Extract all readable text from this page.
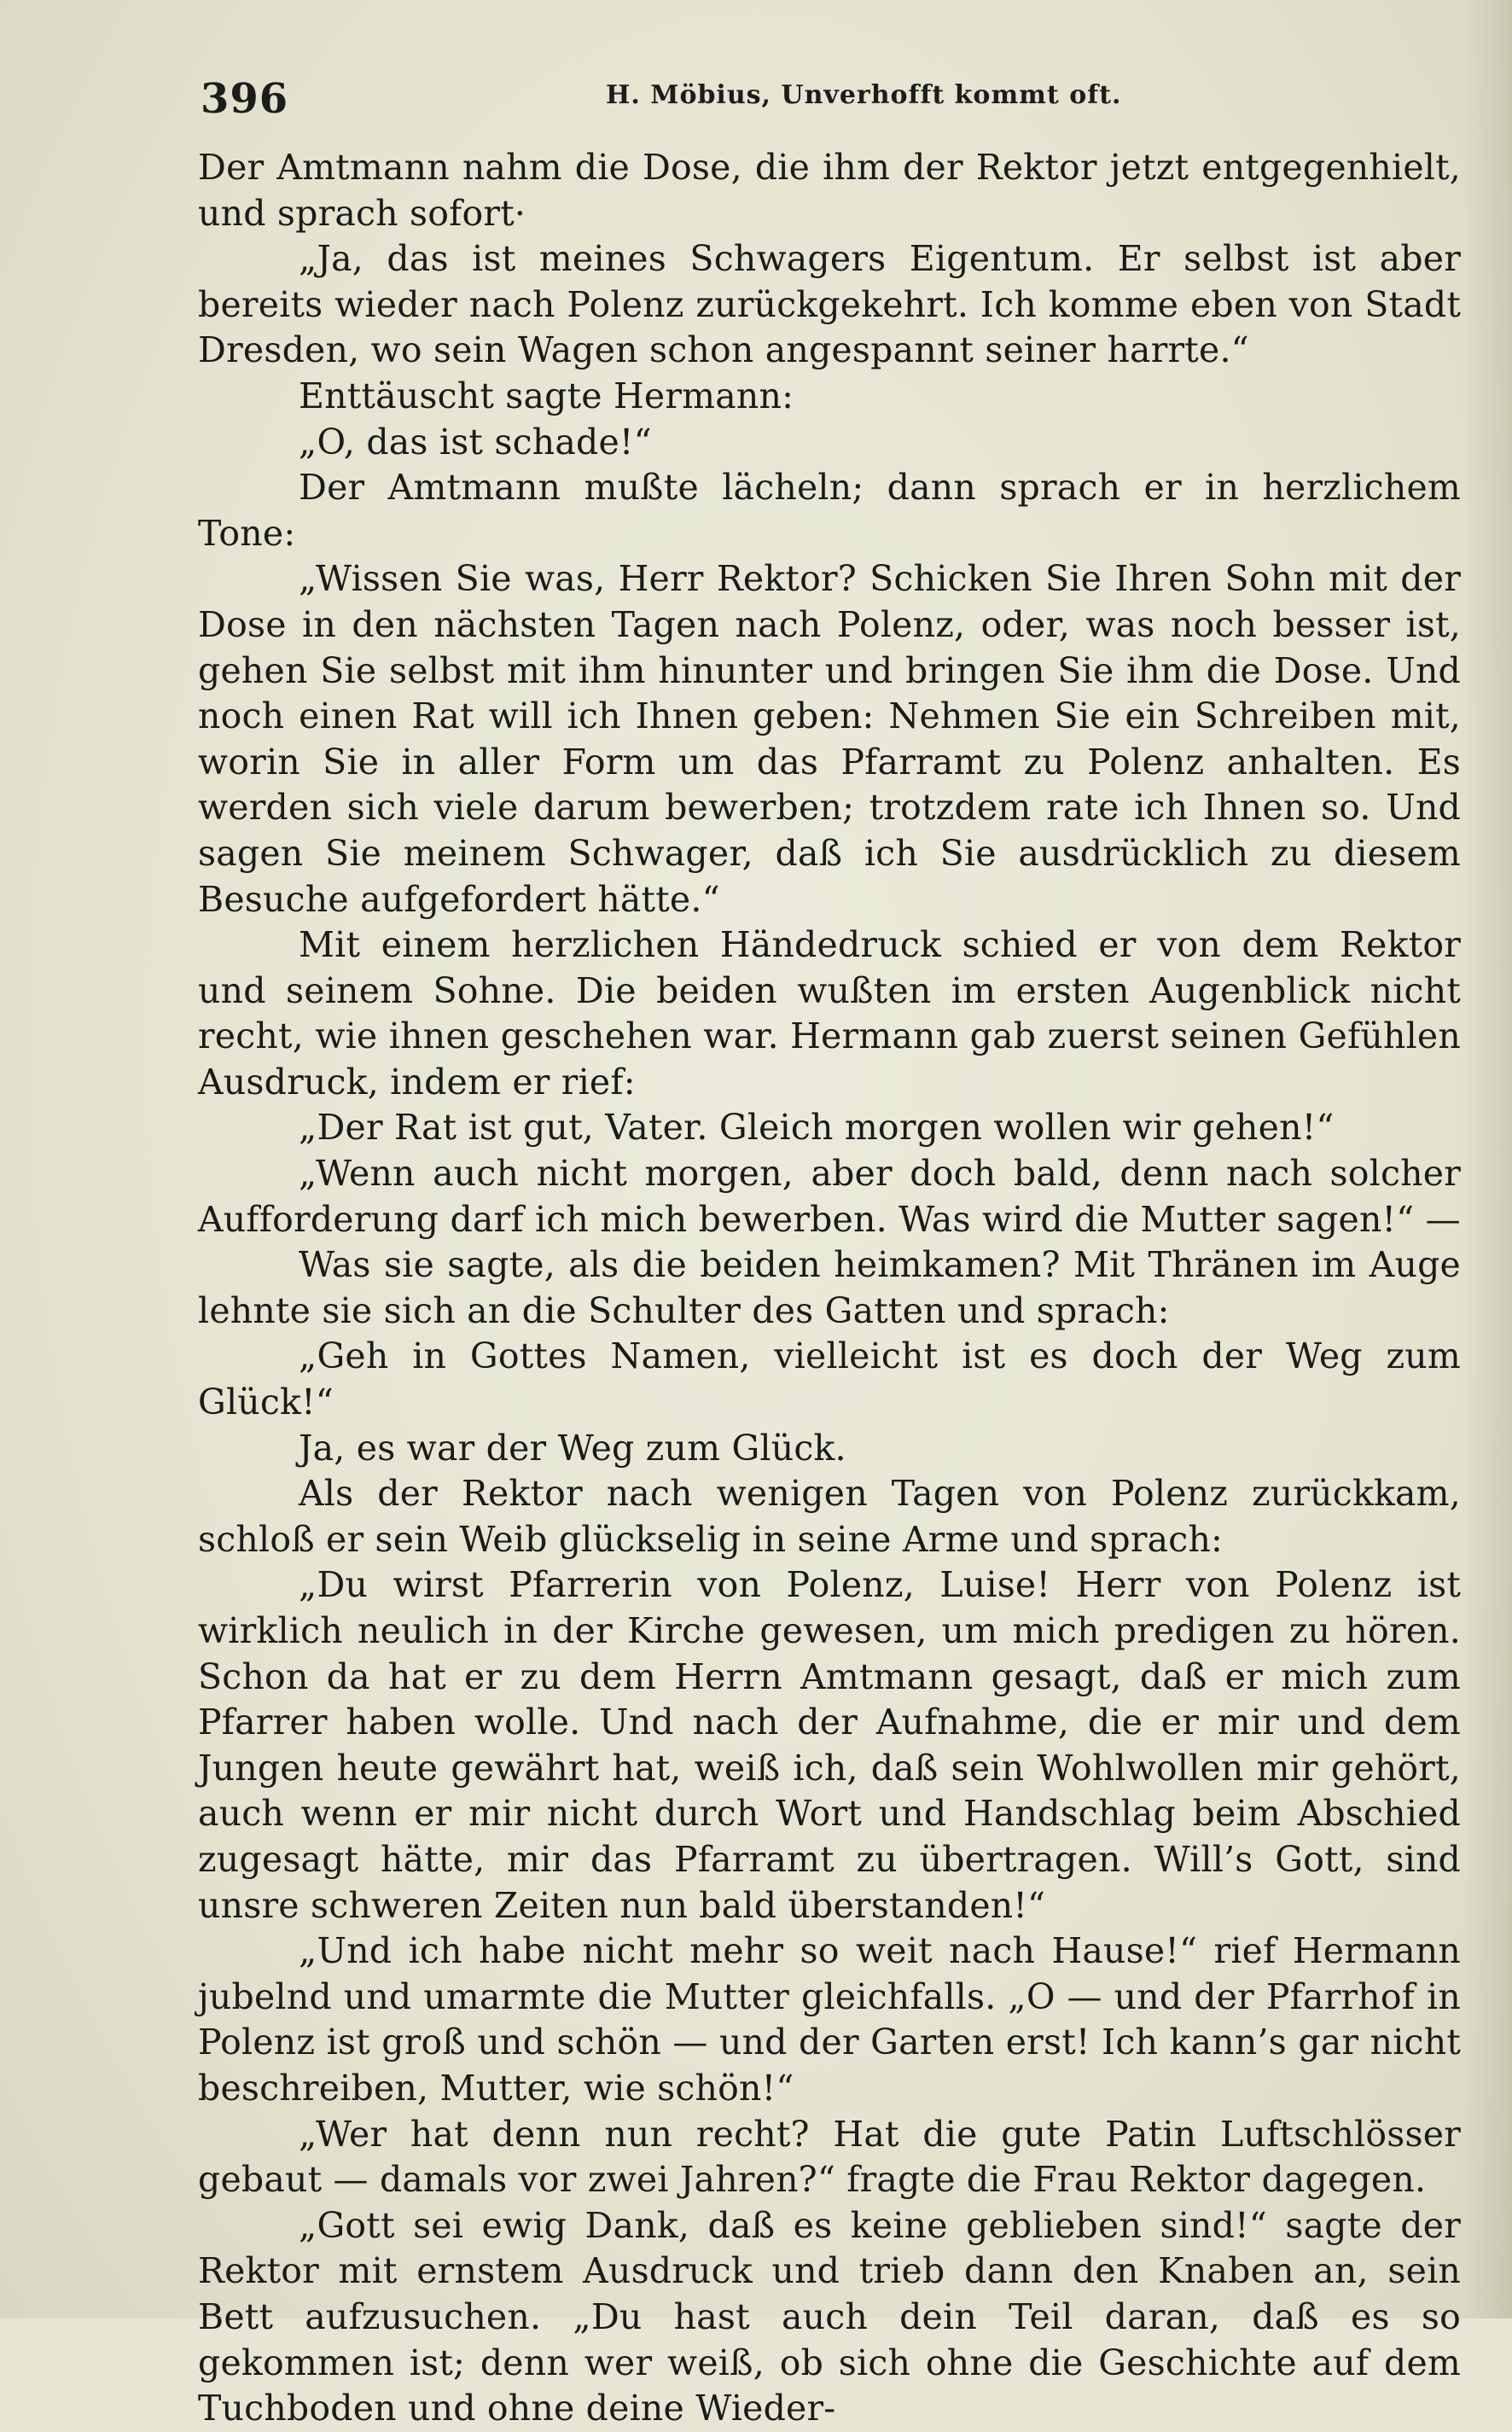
396	H. Möbius, Unverhofft kommt oft.

Der Amtmann nahm die Dose, die ihm der Rektor jetzt entgegenhielt, und sprach sofort·

„Ja, das ist meines Schwagers Eigentum. Er selbst ist aber bereits wieder nach Polenz zurückgekehrt. Ich komme eben von Stadt Dresden, wo sein Wagen schon angespannt seiner harrte.“

Enttäuscht sagte Hermann:

„O, das ist schade!“

Der Amtmann mußte lächeln; dann sprach er in herzlichem Tone:

„Wissen Sie was, Herr Rektor? Schicken Sie Ihren Sohn mit der Dose in den nächsten Tagen nach Polenz, oder, was noch besser ist, gehen Sie selbst mit ihm hinunter und bringen Sie ihm die Dose. Und noch einen Rat will ich Ihnen geben: Nehmen Sie ein Schreiben mit, worin Sie in aller Form um das Pfarramt zu Polenz anhalten. Es werden sich viele darum bewerben; trotzdem rate ich Ihnen so. Und sagen Sie meinem Schwager, daß ich Sie ausdrücklich zu diesem Besuche aufgefordert hätte.“

Mit einem herzlichen Händedruck schied er von dem Rektor und seinem Sohne. Die beiden wußten im ersten Augenblick nicht recht, wie ihnen geschehen war. Hermann gab zuerst seinen Gefühlen Ausdruck, indem er rief:

„Der Rat ist gut, Vater. Gleich morgen wollen wir gehen!“

„Wenn auch nicht morgen, aber doch bald, denn nach solcher Aufforderung darf ich mich bewerben. Was wird die Mutter sagen!“ —

Was sie sagte, als die beiden heimkamen? Mit Thränen im Auge lehnte sie sich an die Schulter des Gatten und sprach:

„Geh in Gottes Namen, vielleicht ist es doch der Weg zum Glück!“

Ja, es war der Weg zum Glück.

Als der Rektor nach wenigen Tagen von Polenz zurückkam, schloß er sein Weib glückselig in seine Arme und sprach:

„Du wirst Pfarrerin von Polenz, Luise! Herr von Polenz ist wirklich neulich in der Kirche gewesen, um mich predigen zu hören. Schon da hat er zu dem Herrn Amtmann gesagt, daß er mich zum Pfarrer haben wolle. Und nach der Aufnahme, die er mir und dem Jungen heute gewährt hat, weiß ich, daß sein Wohlwollen mir gehört, auch wenn er mir nicht durch Wort und Handschlag beim Abschied zugesagt hätte, mir das Pfarramt zu übertragen. Will’s Gott, sind unsre schweren Zeiten nun bald überstanden!“

„Und ich habe nicht mehr so weit nach Hause!“ rief Hermann jubelnd und umarmte die Mutter gleichfalls. „O — und der Pfarrhof in Polenz ist groß und schön — und der Garten erst! Ich kann’s gar nicht beschreiben, Mutter, wie schön!“

„Wer hat denn nun recht? Hat die gute Patin Luftschlösser gebaut — damals vor zwei Jahren?“ fragte die Frau Rektor dagegen.

„Gott sei ewig Dank, daß es keine geblieben sind!“ sagte der Rektor mit ernstem Ausdruck und trieb dann den Knaben an, sein Bett aufzusuchen. „Du hast auch dein Teil daran, daß es so gekommen ist; denn wer weiß, ob sich ohne die Geschichte auf dem Tuchboden und ohne deine Wieder-
